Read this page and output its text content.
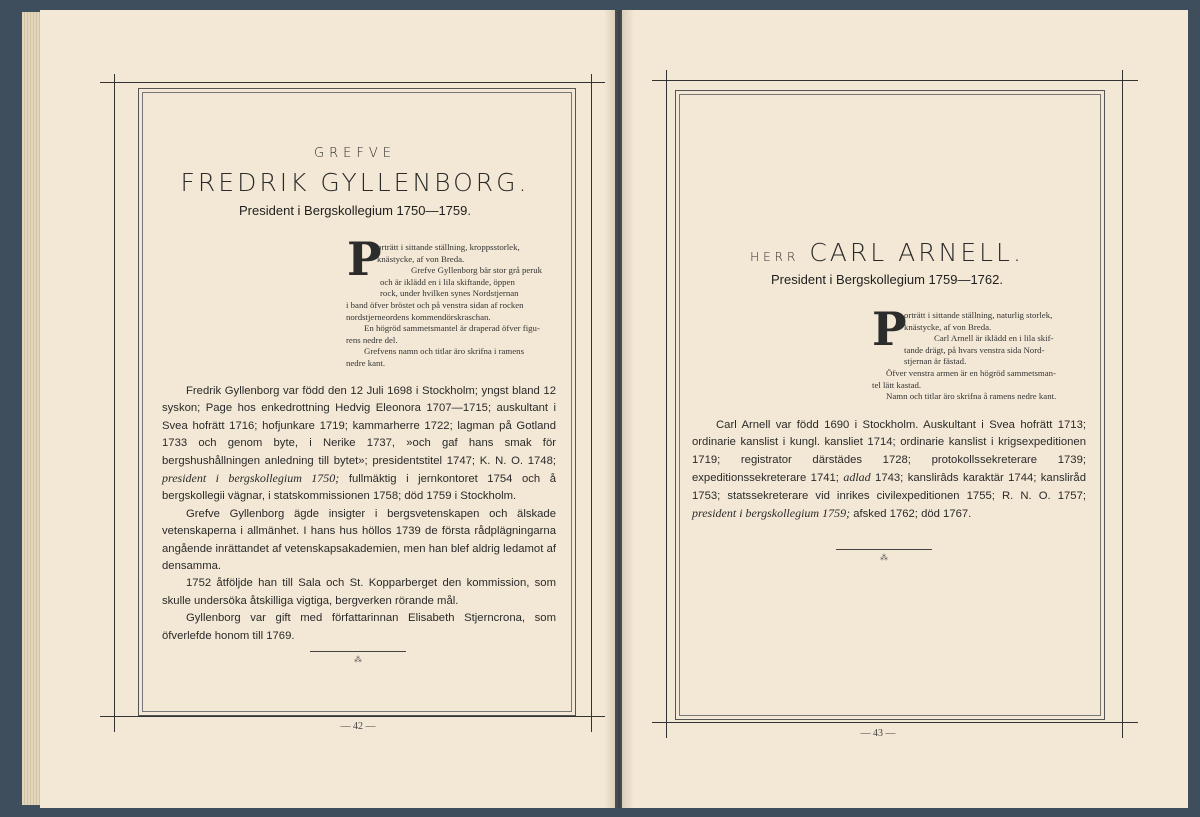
GREFVE
FREDRIK GYLLENBORG.
President i Bergskollegium 1750—1759.
P
orträtt i sittande ställning, kroppsstorlek,
knästycke, af von Breda.
Grefve Gyllenborg bär stor grå peruk
och är iklädd en i lila skiftande, öppen
rock, under hvilken synes Nordstjernan
i band öfver bröstet och på venstra sidan af rocken
nordstjerneordens kommendörskraschan.
En högröd sammetsmantel är draperad öfver figu-
rens nedre del.
Grefvens namn och titlar äro skrifna i ramens
nedre kant.

Fredrik Gyllenborg var född den 12 Juli 1698 i Stockholm; yngst bland 12 syskon; Page hos enkedrottning Hedvig Eleonora 1707—1715; auskultant i Svea hofrätt 1716; hofjunkare 1719; kammarherre 1722; lagman på Gotland 1733 och genom byte, i Nerike 1737, »och gaf hans smak för bergshushållningen anledning till bytet»; presidentstitel 1747; K. N. O. 1748; president i bergskollegium 1750; fullmäktig i jernkontoret 1754 och å bergskollegii vägnar, i statskommissionen 1758; död 1759 i Stockholm.

Grefve Gyllenborg ägde insigter i bergsvetenskapen och älskade vetenskaperna i allmänhet. I hans hus höllos 1739 de första rådplägningarna angående inrättandet af vetenskapsakademien, men han blef aldrig ledamot af densamma.

1752 åtföljde han till Sala och St. Kopparberget den kommission, som skulle undersöka åtskilliga vigtiga, bergverken rörande mål.

Gyllenborg var gift med författarinnan Elisabeth Stjerncrona, som öfverlefde honom till 1769.

⁂
— 42 —
HERR CARL ARNELL.
President i Bergskollegium 1759—1762.
P
orträtt i sittande ställning, naturlig storlek,
knästycke, af von Breda.
Carl Arnell är iklädd en i lila skif-
tande drägt, på hvars venstra sida Nord-
stjernan är fästad.
Öfver venstra armen är en högröd sammetsman-
tel lätt kastad.
Namn och titlar äro skrifna å ramens nedre kant.

Carl Arnell var född 1690 i Stockholm. Auskultant i Svea hofrätt 1713; ordinarie kanslist i kungl. kansliet 1714; ordinarie kanslist i krigsexpeditionen 1719; registrator därstädes 1728; protokollssekreterare 1739; expeditionssekreterare 1741; adlad 1743; kanslirâds karaktär 1744; kansliråd 1753; statssekreterare vid inrikes civilexpeditionen 1755; R. N. O. 1757; president i bergskollegium 1759; afsked 1762; död 1767.

⁂
— 43 —
